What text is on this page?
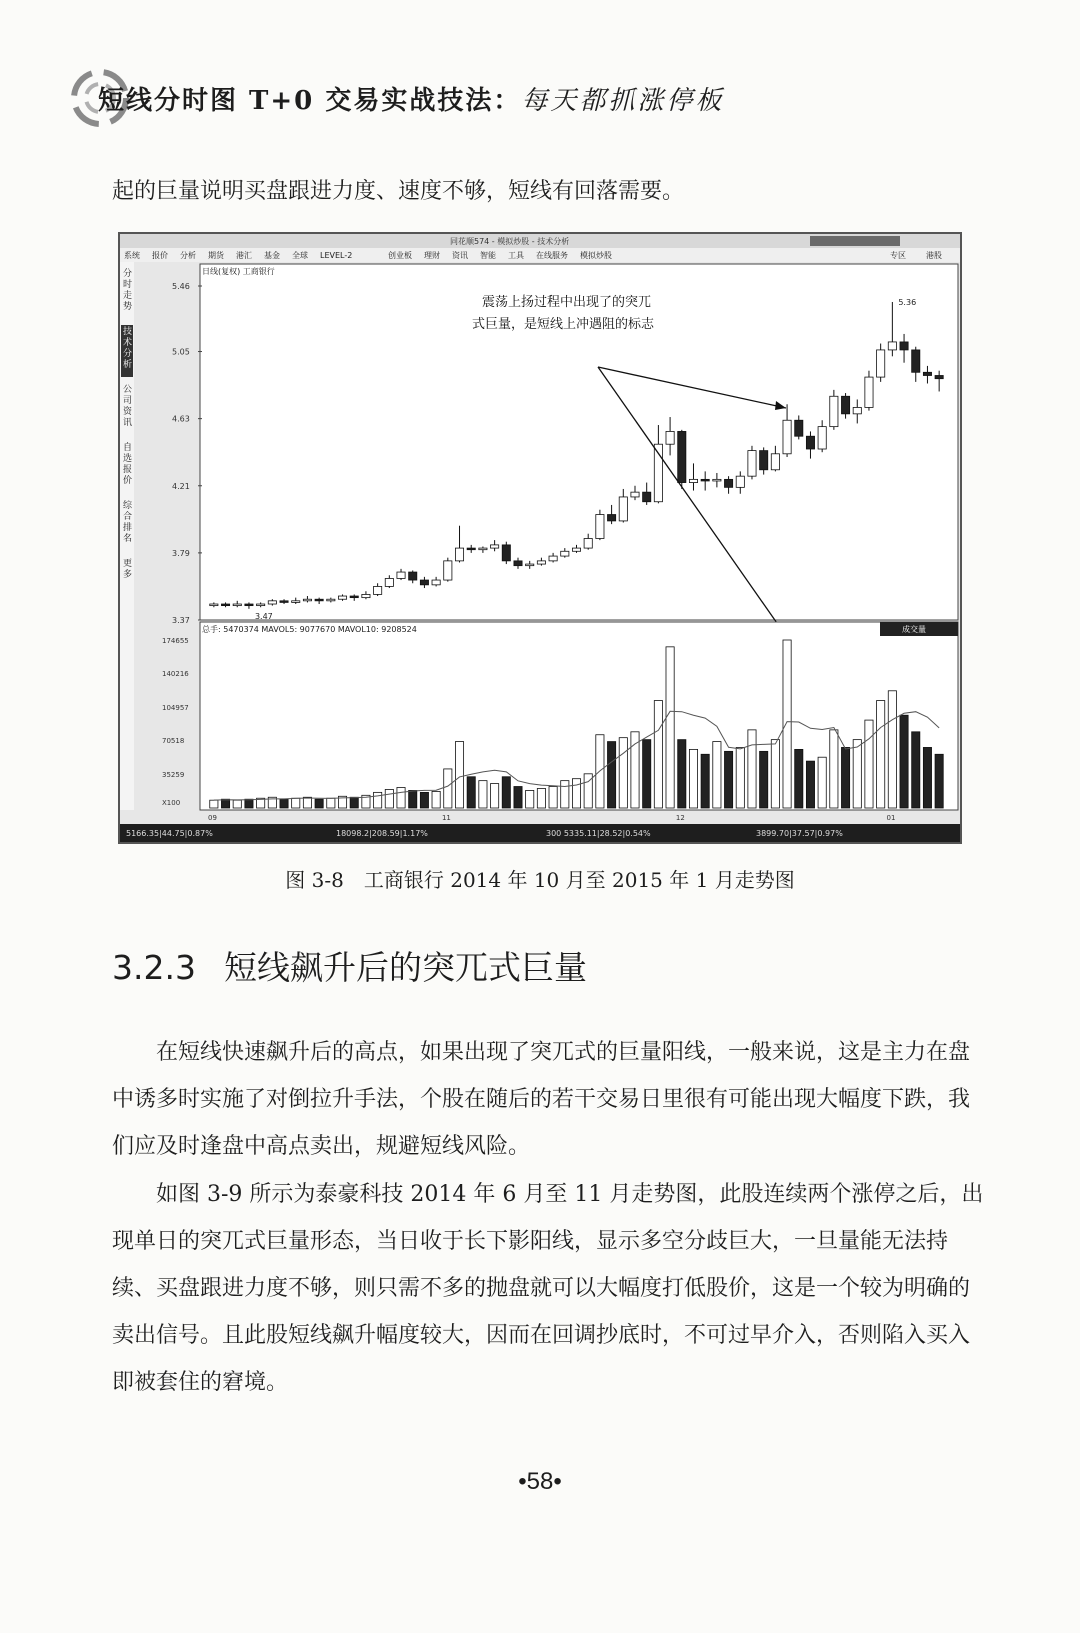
短线分时图 T+0 交易实战技法：每天都抓涨停板
起的巨量说明买盘跟进力度、速度不够，短线有回落需要。
同花顺574 - 模拟炒股 - 技术分析
系统 报价 分析 期货 港汇 基金 全球 LEVEL-2	创业板 理财 资讯 智能 工具 在线服务 模拟炒股	专区	港股
分
时
走
势
技
术
分
析
公
司
资
讯
自
选
报
价
综
合
排
名
更
多
日线(复权) 工商银行
5.46
5.05
4.63
4.21
3.79
3.37
震荡上扬过程中出现了的突兀
式巨量，是短线上冲遇阻的标志
5.36
3.47
总手: 5470374 MAVOL5: 9077670 MAVOL10: 9208524	成交量
174655
140216
104957
70518
35259
X100
09	11	12	01
5166.35|44.75|0.87%	18098.2|208.59|1.17%	300 5335.11|28.52|0.54%	3899.70|37.57|0.97%
图 3-8　工商银行 2014 年 10 月至 2015 年 1 月走势图
3.2.3 短线飙升后的突兀式巨量
在短线快速飙升后的高点，如果出现了突兀式的巨量阳线，一般来说，这是主力在盘中诱多时实施了对倒拉升手法，个股在随后的若干交易日里很有可能出现大幅度下跌，我们应及时逢盘中高点卖出，规避短线风险。
如图 3-9 所示为泰豪科技 2014 年 6 月至 11 月走势图，此股连续两个涨停之后，出现单日的突兀式巨量形态，当日收于长下影阳线，显示多空分歧巨大，一旦量能无法持续、买盘跟进力度不够，则只需不多的抛盘就可以大幅度打低股价，这是一个较为明确的卖出信号。且此股短线飙升幅度较大，因而在回调抄底时，不可过早介入，否则陷入买入即被套住的窘境。
•58•
